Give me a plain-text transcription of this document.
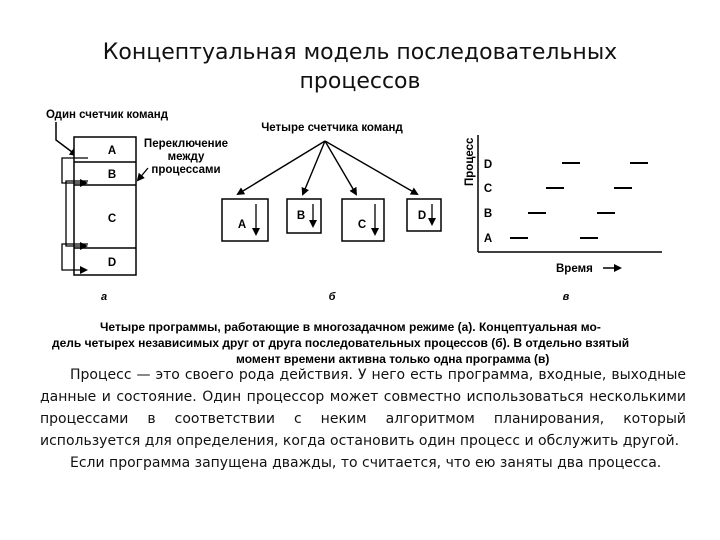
Концептуальная модель последовательных
процессов
Один счетчик команд
A
B
C
D
Переключение
между
процессами
а
Четыре счетчика команд
A
B
C
D
б
Процесс D
C
B
A
Время
в
Четыре программы, работающие в многозадачном режиме (а). Концептуальная мо-
дель четырех независимых друг от друга последовательных процессов (б). В отдельно взятый
момент времени активна только одна программа (в)

Процесс — это своего рода действия. У него есть программа, входные, выходные данные и состояние. Один процессор может совместно использоваться несколькими процессами в соответствии с неким алгоритмом планирования, который используется для определения, когда остановить один процесс и обслужить другой.

Если программа запущена дважды, то считается, что ею заняты два процесса.
